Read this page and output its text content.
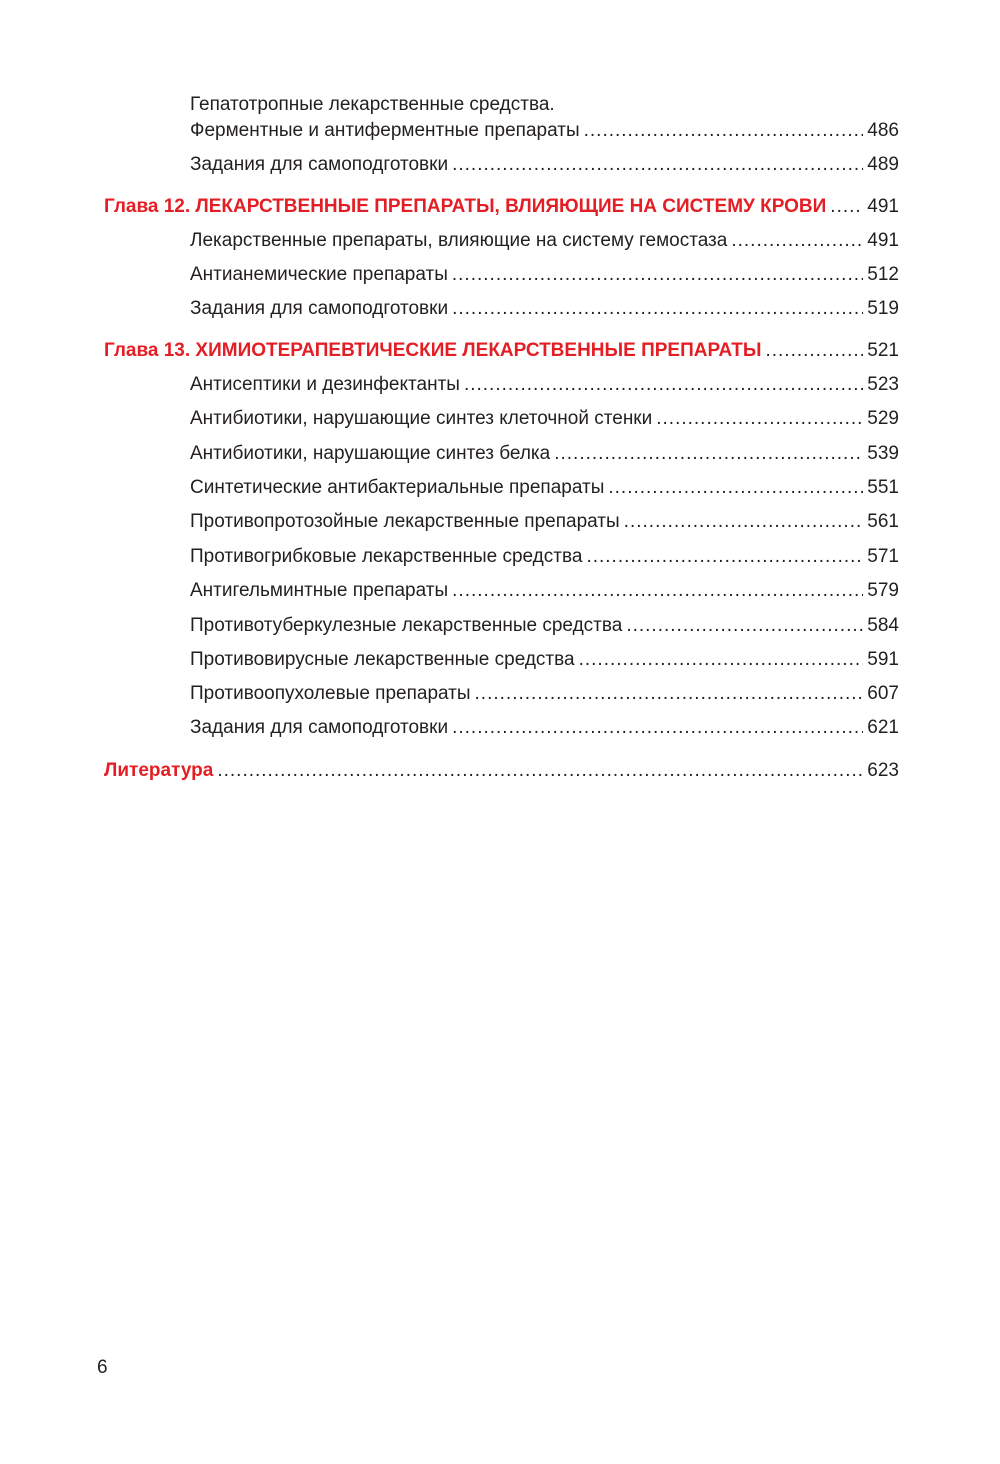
Гепатотропные лекарственные средства.
Ферментные и антиферментные препараты .....	486
Задания для самоподготовки .....	489
Глава 12. ЛЕКАРСТВЕННЫЕ ПРЕПАРАТЫ, ВЛИЯЮЩИЕ НА СИСТЕМУ КРОВИ ..... 491
Лекарственные препараты, влияющие на систему гемостаза .....	491
Антианемические препараты .....	512
Задания для самоподготовки .....	519
Глава 13. ХИМИОТЕРАПЕВТИЧЕСКИЕ ЛЕКАРСТВЕННЫЕ ПРЕПАРАТЫ .....	521
Антисептики и дезинфектанты .....	523
Антибиотики, нарушающие синтез клеточной стенки .....	529
Антибиотики, нарушающие синтез белка .....	539
Синтетические антибактериальные препараты .....	551
Противопротозойные лекарственные препараты .....	561
Противогрибковые лекарственные средства .....	571
Антигельминтные препараты .....	579
Противотуберкулезные лекарственные средства .....	584
Противовирусные лекарственные средства .....	591
Противоопухолевые препараты .....	607
Задания для самоподготовки .....	621
Литература .....	623
6
